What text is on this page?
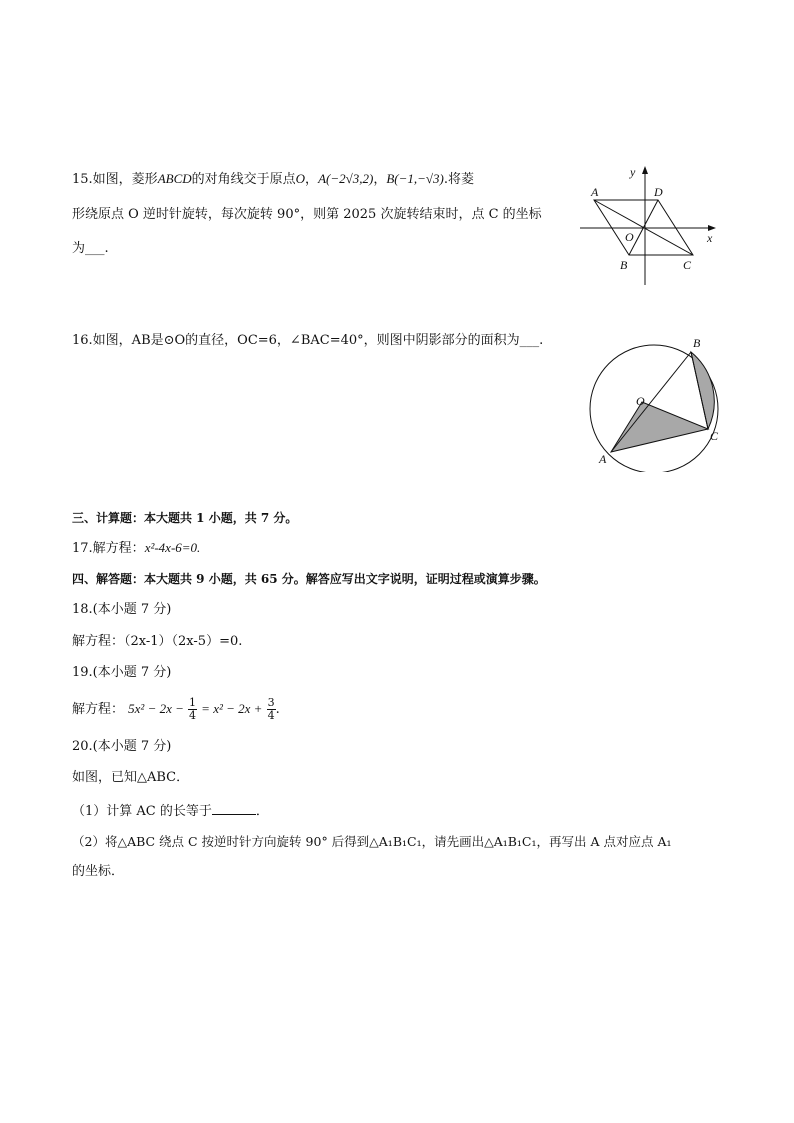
15.如图，菱形ABCD的对角线交于原点O，A(−2√3,2)，B(−1,−√3).将菱
形绕原点 O 逆时针旋转，每次旋转 90°，则第 2025 次旋转结束时，点 C 的坐标
为___.
y
x
A	D
O
B	C
16.如图，AB是⊙O的直径，OC=6，∠BAC=40°，则图中阴影部分的面积为___.	B
O
C
A
三、计算题：本大题共 1 小题，共 7 分。
17.解方程：x²-4x-6=0.
四、解答题：本大题共 9 小题，共 65 分。解答应写出文字说明，证明过程或演算步骤。
18.(本小题 7 分)
解方程：（2x-1）（2x-5）=0.
19.(本小题 7 分)
解方程： $5x^2 - 2x - \frac{1}{4} = x^2 - 2x + \frac{3}{4}$ .
20.(本小题 7 分)
如图，已知△ABC．
（1）计算 AC 的长等于	．
（2）将△ABC 绕点 C 按逆时针方向旋转 90° 后得到△A₁B₁C₁，请先画出△A₁B₁C₁，再写出 A 点对应点 A₁
的坐标．
